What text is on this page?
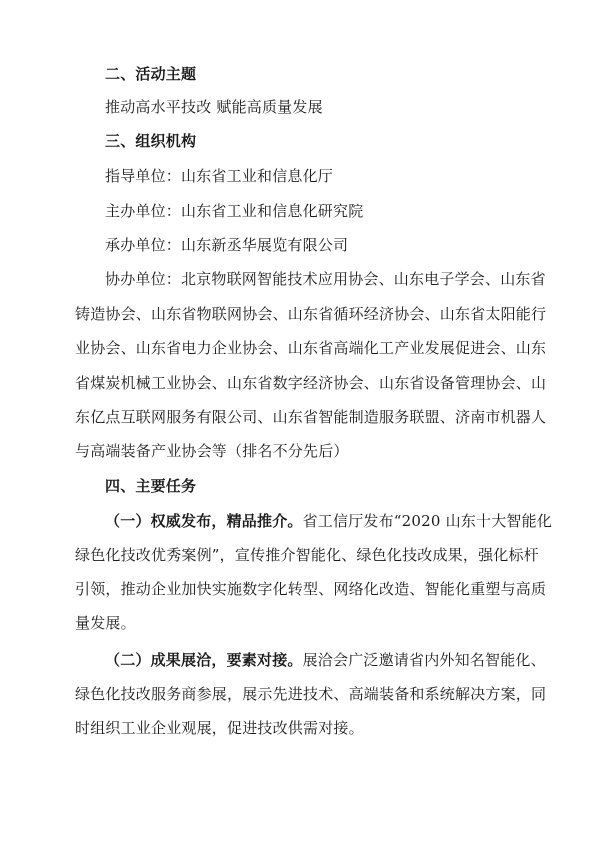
二、活动主题
推动高水平技改 赋能高质量发展
三、组织机构
指导单位：山东省工业和信息化厅
主办单位：山东省工业和信息化研究院
承办单位：山东新丞华展览有限公司
协办单位：北京物联网智能技术应用协会、山东电子学会、山东省
铸造协会、山东省物联网协会、山东省循环经济协会、山东省太阳能行
业协会、山东省电力企业协会、山东省高端化工产业发展促进会、山东
省煤炭机械工业协会、山东省数字经济协会、山东省设备管理协会、山
东亿点互联网服务有限公司、山东省智能制造服务联盟、济南市机器人
与高端装备产业协会等（排名不分先后）
四、主要任务
（一）权威发布，精品推介。省工信厅发布“2020 山东十大智能化
绿色化技改优秀案例”，宣传推介智能化、绿色化技改成果，强化标杆
引领，推动企业加快实施数字化转型、网络化改造、智能化重塑与高质
量发展。
（二）成果展洽，要素对接。展洽会广泛邀请省内外知名智能化、
绿色化技改服务商参展，展示先进技术、高端装备和系统解决方案，同
时组织工业企业观展，促进技改供需对接。
